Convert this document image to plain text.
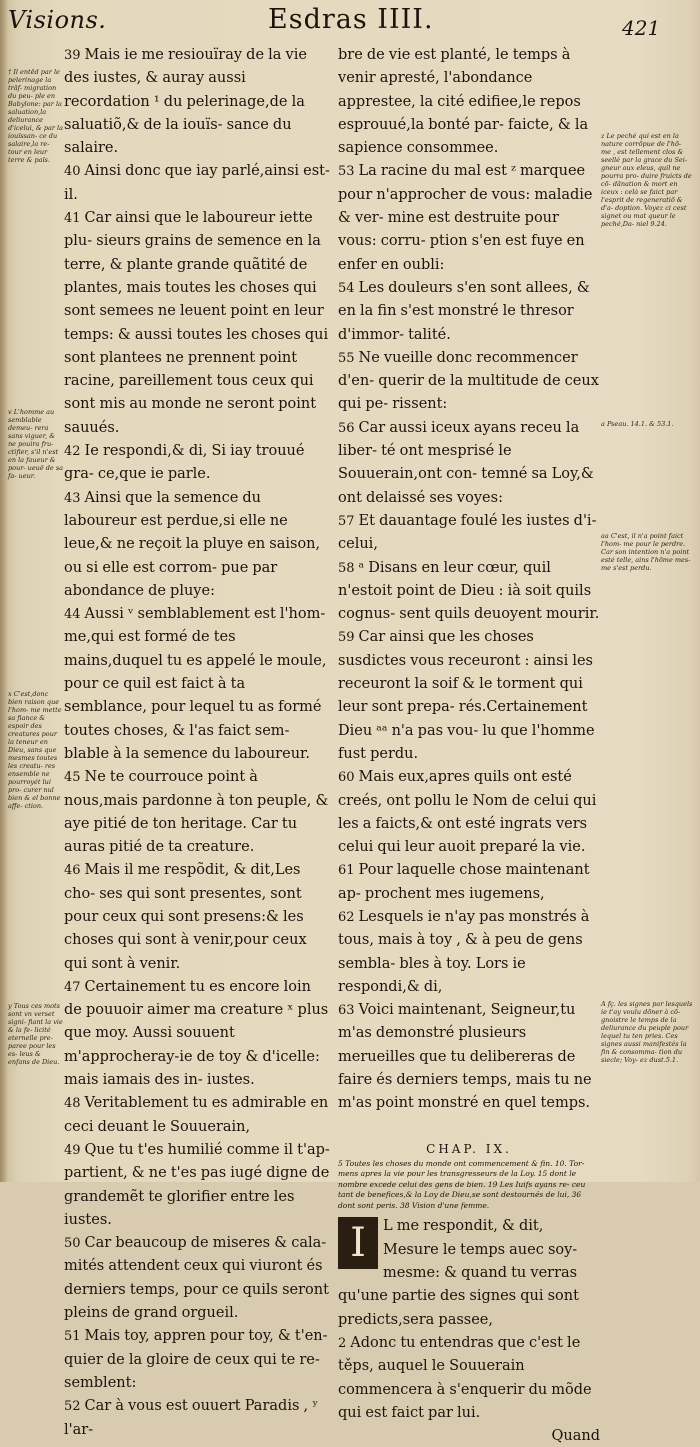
Visions.	Esdras IIII.	421
† Il entēd par le pelerinage la trāf- migration du peu- ple en Babylone: par la saluation,la deliurance d'icelui, & par la iouïssan- ce du salaire,la re- tour en leur terre & païs.
v L'homme au semblable demeu- rera sans viguer, & ne pouira fru- ctifier, s'il n'est en la faueur & pour- ueuë de sa fa- ueur.
x C'est,donc bien raison que l'hom- me mette sa fiance & espoir des creatures pour la teneur en Dieu, sans que mesmes toutes les creatu- res ensemble ne pourroyét lui pro- curer nul bien & el bonne affe- ction.
y Tous ces mots sont vn verset signi- fiant la vie & la fe- licité eternelle pre- paree pour les es- leus & enfans de Dieu.
z Le peché qui est en la nature corrõpue de l'hõ- me , est tellement clos & seellé par la grace du Sei- gneur aux eleus, quil ne pourra pro- duire fruicts de cõ- dãnation & mort en iceux : celà se faict par l'esprit de regeneratiõ & d'a- doption. Voyez ci cest signet ou mat queur le peché,Da- niel 9.24.
a Pseau. 14.1. & 53.1.
aa C'est, il n'a point faict l'hom- me pour le perdre. Car son intention n'a point esté telle, ains l'hõme mes- me s'est perdu.
A fç. les signes par lesquels ie t'ay voulu dõner à cõ- gnoistre le temps de la deliurance du peuple pour lequel tu ten pries. Ces signes aussi manifestés la fin & consomma- tion du siecle; Voy- ez dust.5.1.

39 Mais ie me resiouïray de la vie des iustes, & auray aussi recordation ¹ du pelerinage,de la saluatiõ,& de la iouïs- sance du salaire.

40 Ainsi donc que iay parlé,ainsi est-il.

41 Car ainsi que le laboureur iette plu- sieurs grains de semence en la terre, & plante grande quãtité de plantes, mais toutes les choses qui sont semees ne leuent point en leur temps: & aussi toutes les choses qui sont plantees ne prennent point racine, pareillement tous ceux qui sont mis au monde ne seront point sauués.

42 Ie respondi,& di, Si iay trouué gra- ce,que ie parle.

43 Ainsi que la semence du laboureur est perdue,si elle ne leue,& ne reçoit la pluye en saison, ou si elle est corrom- pue par abondance de pluye:

44 Aussi ᵛ semblablement est l'hom- me,qui est formé de tes mains,duquel tu es appelé le moule, pour ce quil est faict à ta semblance, pour lequel tu as formé toutes choses, & l'as faict sem- blable à la semence du laboureur.

45 Ne te courrouce point à nous,mais pardonne à ton peuple, & aye pitié de ton heritage. Car tu auras pitié de ta creature.

46 Mais il me respõdit, & dit,Les cho- ses qui sont presentes, sont pour ceux qui sont presens:& les choses qui sont à venir,pour ceux qui sont à venir.

47 Certainement tu es encore loin de pouuoir aimer ma creature ˣ plus que moy. Aussi souuent m'approcheray-ie de toy & d'icelle: mais iamais des in- iustes.

48 Veritablement tu es admirable en ceci deuant le Souuerain,

49 Que tu t'es humilié comme il t'ap- partient, & ne t'es pas iugé digne de grandemẽt te glorifier entre les iustes.

50 Car beaucoup de miseres & cala- mités attendent ceux qui viuront és derniers temps, pour ce quils seront pleins de grand orgueil.

51 Mais toy, appren pour toy, & t'en- quier de la gloire de ceux qui te re- semblent:

52 Car à vous est ouuert Paradis , ʸ l'ar-

bre de vie est planté, le temps à venir apresté, l'abondance apprestee, la cité edifiee,le repos esprouué,la bonté par- faicte, & la sapience consommee.

53 La racine du mal est ᶻ marquee pour n'approcher de vous: maladie & ver- mine est destruite pour vous: corru- ption s'en est fuye en enfer en oubli:

54 Les douleurs s'en sont allees, & en la fin s'est monstré le thresor d'immor- talité.

55 Ne vueille donc recommencer d'en- querir de la multitude de ceux qui pe- rissent:

56 Car aussi iceux ayans receu la liber- té ont mesprisé le Souuerain,ont con- temné sa Loy,& ont delaissé ses voyes:

57 Et dauantage foulé les iustes d'i- celui,

58 ᵃ Disans en leur cœur, quil n'estoit point de Dieu : ià soit quils cognus- sent quils deuoyent mourir.

59 Car ainsi que les choses susdictes vous receuront : ainsi les receuront la soif & le torment qui leur sont prepa- rés.Certainement Dieu ᵃᵃ n'a pas vou- lu que l'homme fust perdu.

60 Mais eux,apres quils ont esté creés, ont pollu le Nom de celui qui les a faicts,& ont esté ingrats vers celui qui leur auoit preparé la vie.

61 Pour laquelle chose maintenant ap- prochent mes iugemens,

62 Lesquels ie n'ay pas monstrés à tous, mais à toy , & à peu de gens sembla- bles à toy. Lors ie respondi,& di,

63 Voici maintenant, Seigneur,tu m'as demonstré plusieurs merueilles que tu delibereras de faire és derniers temps, mais tu ne m'as point monstré en quel temps.

CHAP. IX.

5 Toutes les choses du monde ont commencement & fin. 10. Tor- mens apres la vie pour les transgresseurs de la Loy. 15 dont le nombre excede celui des gens de bien. 19 Les Iuifs ayans re- ceu tant de benefices,& la Loy de Dieu,se sont destournés de lui, 36 dont sont peris. 38 Vision d'une femme.

I	L me respondit, & dit, Mesure le temps auec soy-mesme: & quand tu verras qu'une partie des signes qui sont predicts,sera passee,

2 Adonc tu entendras que c'est le těps, auquel le Souuerain commencera à s'enquerir du mõde qui est faict par lui.

Quand
